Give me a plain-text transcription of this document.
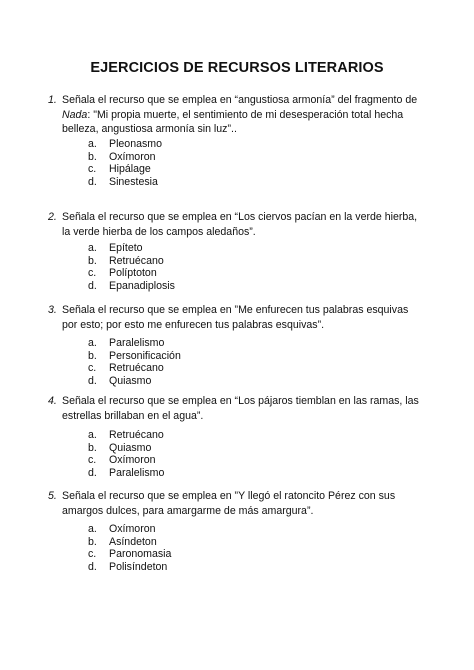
EJERCICIOS DE RECURSOS LITERARIOS
1. Señala el recurso que se emplea en “angustiosa armonía” del fragmento de Nada: "Mi propia muerte, el sentimiento de mi desesperación total hecha belleza, angustiosa armonía sin luz”..
a.	Pleonasmo
b.	Oxímoron
c.	Hipálage
d.	Sinestesia
2. Señala el recurso que se emplea en “Los ciervos pacían en la verde hierba, la verde hierba de los campos aledaños”.
a.	Epíteto
b.	Retruécano
c.	Políptoton
d.	Epanadiplosis
3. Señala el recurso que se emplea en ”Me enfurecen tus palabras esquivas por esto; por esto me enfurecen tus palabras esquivas”.
a.	Paralelismo
b.	Personificación
c.	Retruécano
d.	Quiasmo
4. Señala el recurso que se emplea en “Los pájaros tiemblan en las ramas, las estrellas brillaban en el agua”.
a.	Retruécano
b.	Quiasmo
c.	Oxímoron
d.	Paralelismo
5. Señala el recurso que se emplea en ”Y llegó el ratoncito Pérez con sus amargos dulces, para amargarme de más amargura”.
a.	Oxímoron
b.	Asíndeton
c.	Paronomasia
d.	Polisíndeton
